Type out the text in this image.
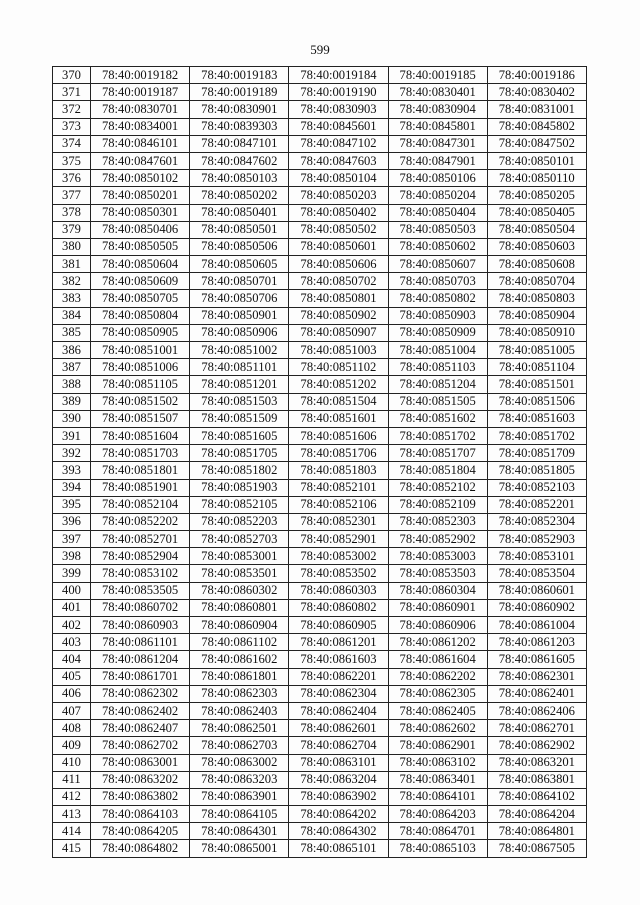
599
370	78:40:0019182	78:40:0019183	78:40:0019184	78:40:0019185	78:40:0019186
371	78:40:0019187	78:40:0019189	78:40:0019190	78:40:0830401	78:40:0830402
372	78:40:0830701	78:40:0830901	78:40:0830903	78:40:0830904	78:40:0831001
373	78:40:0834001	78:40:0839303	78:40:0845601	78:40:0845801	78:40:0845802
374	78:40:0846101	78:40:0847101	78:40:0847102	78:40:0847301	78:40:0847502
375	78:40:0847601	78:40:0847602	78:40:0847603	78:40:0847901	78:40:0850101
376	78:40:0850102	78:40:0850103	78:40:0850104	78:40:0850106	78:40:0850110
377	78:40:0850201	78:40:0850202	78:40:0850203	78:40:0850204	78:40:0850205
378	78:40:0850301	78:40:0850401	78:40:0850402	78:40:0850404	78:40:0850405
379	78:40:0850406	78:40:0850501	78:40:0850502	78:40:0850503	78:40:0850504
380	78:40:0850505	78:40:0850506	78:40:0850601	78:40:0850602	78:40:0850603
381	78:40:0850604	78:40:0850605	78:40:0850606	78:40:0850607	78:40:0850608
382	78:40:0850609	78:40:0850701	78:40:0850702	78:40:0850703	78:40:0850704
383	78:40:0850705	78:40:0850706	78:40:0850801	78:40:0850802	78:40:0850803
384	78:40:0850804	78:40:0850901	78:40:0850902	78:40:0850903	78:40:0850904
385	78:40:0850905	78:40:0850906	78:40:0850907	78:40:0850909	78:40:0850910
386	78:40:0851001	78:40:0851002	78:40:0851003	78:40:0851004	78:40:0851005
387	78:40:0851006	78:40:0851101	78:40:0851102	78:40:0851103	78:40:0851104
388	78:40:0851105	78:40:0851201	78:40:0851202	78:40:0851204	78:40:0851501
389	78:40:0851502	78:40:0851503	78:40:0851504	78:40:0851505	78:40:0851506
390	78:40:0851507	78:40:0851509	78:40:0851601	78:40:0851602	78:40:0851603
391	78:40:0851604	78:40:0851605	78:40:0851606	78:40:0851702	78:40:0851702
392	78:40:0851703	78:40:0851705	78:40:0851706	78:40:0851707	78:40:0851709
393	78:40:0851801	78:40:0851802	78:40:0851803	78:40:0851804	78:40:0851805
394	78:40:0851901	78:40:0851903	78:40:0852101	78:40:0852102	78:40:0852103
395	78:40:0852104	78:40:0852105	78:40:0852106	78:40:0852109	78:40:0852201
396	78:40:0852202	78:40:0852203	78:40:0852301	78:40:0852303	78:40:0852304
397	78:40:0852701	78:40:0852703	78:40:0852901	78:40:0852902	78:40:0852903
398	78:40:0852904	78:40:0853001	78:40:0853002	78:40:0853003	78:40:0853101
399	78:40:0853102	78:40:0853501	78:40:0853502	78:40:0853503	78:40:0853504
400	78:40:0853505	78:40:0860302	78:40:0860303	78:40:0860304	78:40:0860601
401	78:40:0860702	78:40:0860801	78:40:0860802	78:40:0860901	78:40:0860902
402	78:40:0860903	78:40:0860904	78:40:0860905	78:40:0860906	78:40:0861004
403	78:40:0861101	78:40:0861102	78:40:0861201	78:40:0861202	78:40:0861203
404	78:40:0861204	78:40:0861602	78:40:0861603	78:40:0861604	78:40:0861605
405	78:40:0861701	78:40:0861801	78:40:0862201	78:40:0862202	78:40:0862301
406	78:40:0862302	78:40:0862303	78:40:0862304	78:40:0862305	78:40:0862401
407	78:40:0862402	78:40:0862403	78:40:0862404	78:40:0862405	78:40:0862406
408	78:40:0862407	78:40:0862501	78:40:0862601	78:40:0862602	78:40:0862701
409	78:40:0862702	78:40:0862703	78:40:0862704	78:40:0862901	78:40:0862902
410	78:40:0863001	78:40:0863002	78:40:0863101	78:40:0863102	78:40:0863201
411	78:40:0863202	78:40:0863203	78:40:0863204	78:40:0863401	78:40:0863801
412	78:40:0863802	78:40:0863901	78:40:0863902	78:40:0864101	78:40:0864102
413	78:40:0864103	78:40:0864105	78:40:0864202	78:40:0864203	78:40:0864204
414	78:40:0864205	78:40:0864301	78:40:0864302	78:40:0864701	78:40:0864801
415	78:40:0864802	78:40:0865001	78:40:0865101	78:40:0865103	78:40:0867505
